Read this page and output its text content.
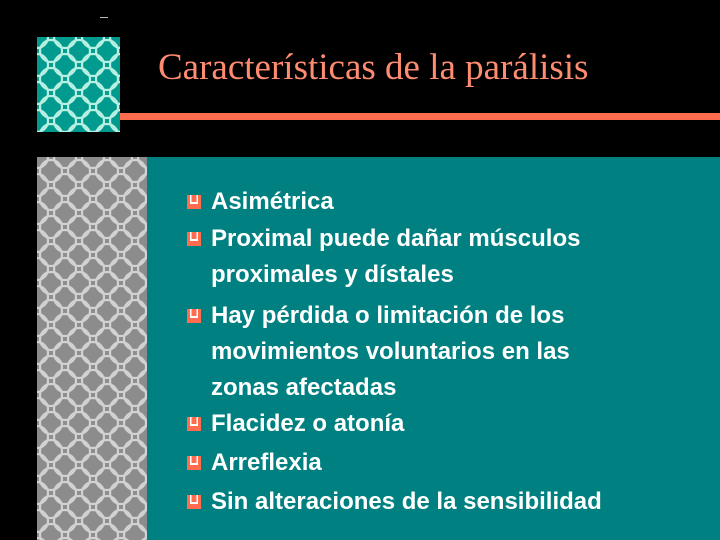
Características de la parálisis
Asimétrica
Proximal puede dañar músculos
proximales y dístales
Hay pérdida o limitación de los
movimientos voluntarios en las
zonas afectadas
Flacidez o atonía
Arreflexia
Sin alteraciones de la sensibilidad
